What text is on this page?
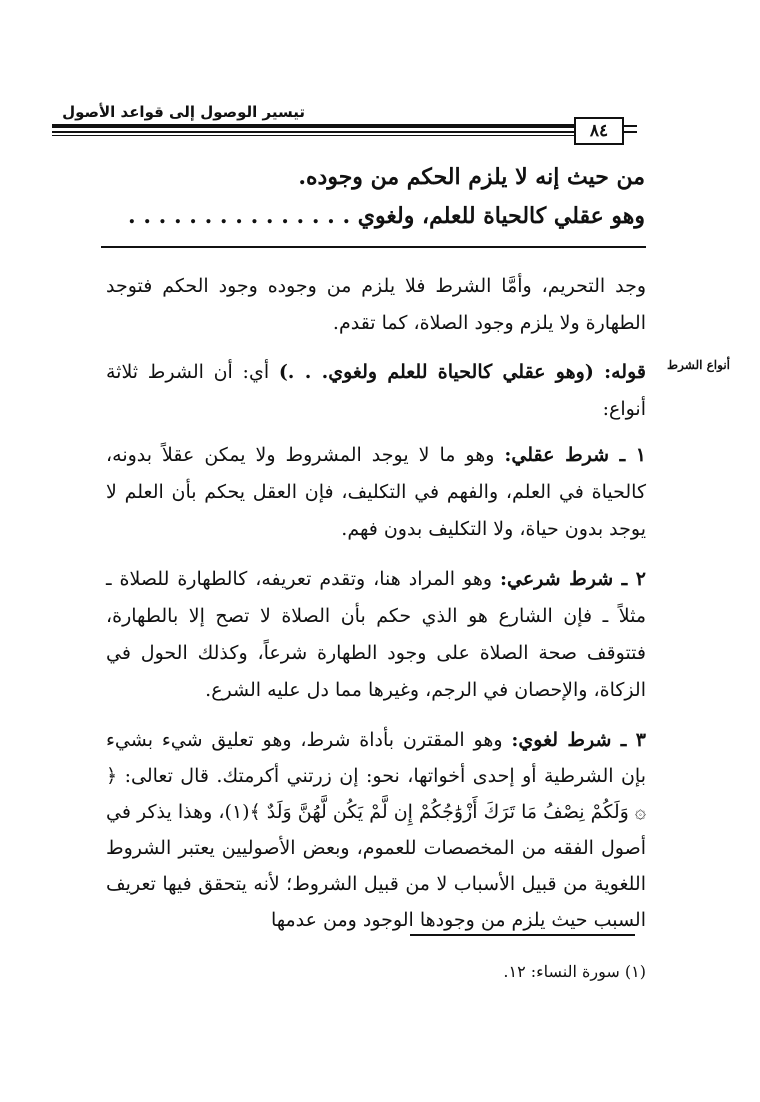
تيسير الوصول إلى قواعد الأصول
٨٤
من حيث إنه لا يلزم الحكم من وجوده.
وهو عقلي كالحياة للعلم، ولغوي . . . . . . . . . . . . . . .
وجد التحريم، وأمَّا الشرط فلا يلزم من وجوده وجود الحكم فتوجد الطهارة ولا يلزم وجود الصلاة، كما تقدم.
أنواع الشرط
قوله: (وهو عقلي كالحياة للعلم ولغوي. . .) أي: أن الشرط ثلاثة أنواع:
١ ـ شرط عقلي: وهو ما لا يوجد المشروط ولا يمكن عقلاً بدونه، كالحياة في العلم، والفهم في التكليف، فإن العقل يحكم بأن العلم لا يوجد بدون حياة، ولا التكليف بدون فهم.
٢ ـ شرط شرعي: وهو المراد هنا، وتقدم تعريفه، كالطهارة للصلاة ـ مثلاً ـ فإن الشارع هو الذي حكم بأن الصلاة لا تصح إلا بالطهارة، فتتوقف صحة الصلاة على وجود الطهارة شرعاً، وكذلك الحول في الزكاة، والإحصان في الرجم، وغيرها مما دل عليه الشرع.
٣ ـ شرط لغوي: وهو المقترن بأداة شرط، وهو تعليق شيء بشيء بإن الشرطية أو إحدى أخواتها، نحو: إن زرتني أكرمتك. قال تعالى: ﴿ ۞ وَلَكُمْ نِصْفُ مَا تَرَكَ أَزْوَٰجُكُمْ إِن لَّمْ يَكُن لَّهُنَّ وَلَدٌ ﴾(١)، وهذا يذكر في أصول الفقه من المخصصات للعموم، وبعض الأصوليين يعتبر الشروط اللغوية من قبيل الأسباب لا من قبيل الشروط؛ لأنه يتحقق فيها تعريف السبب حيث يلزم من وجودها الوجود ومن عدمها
(١) سورة النساء: ١٢.
